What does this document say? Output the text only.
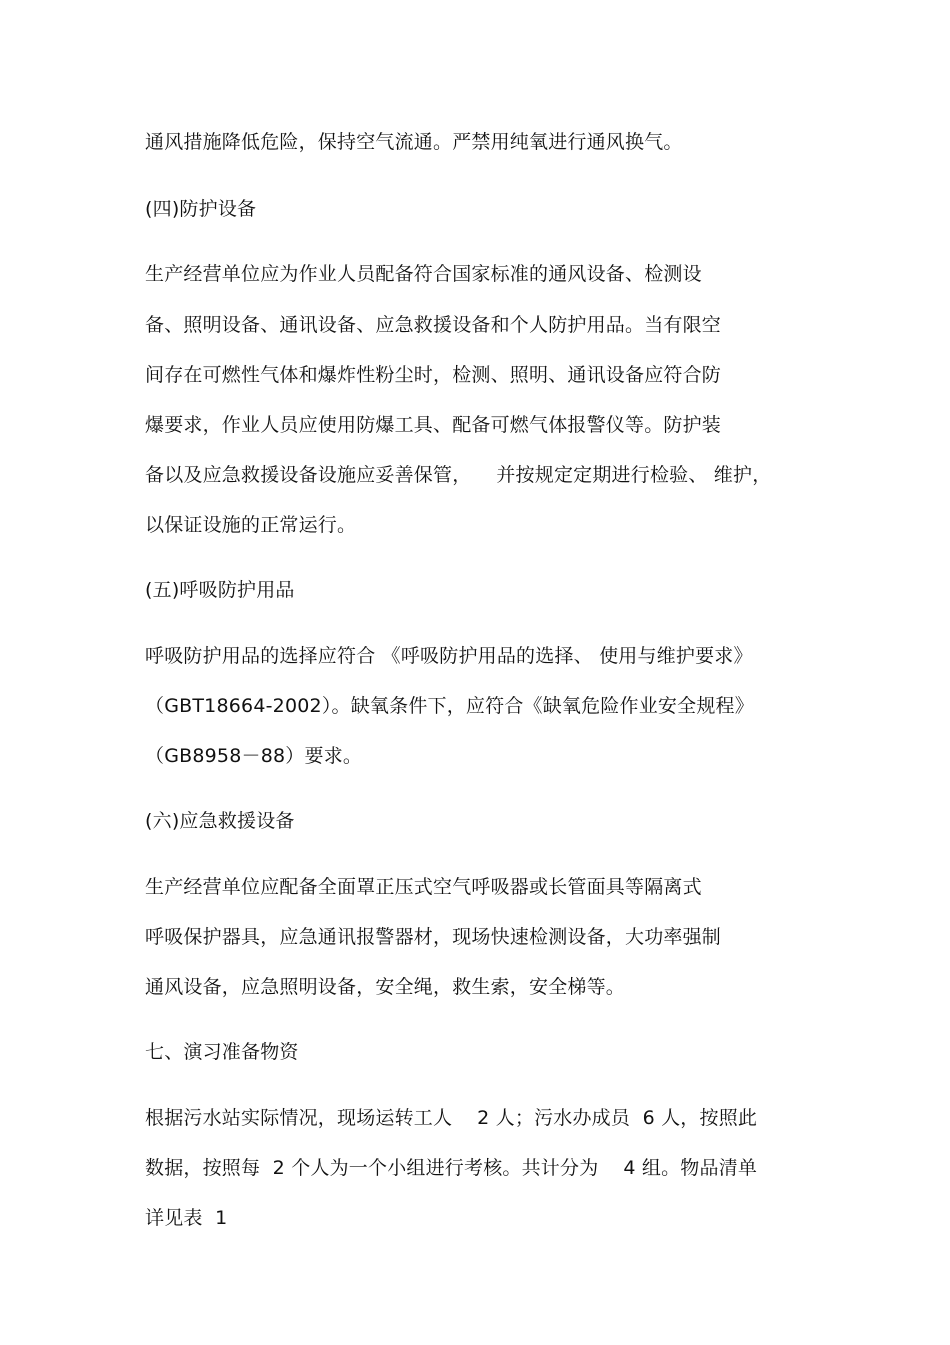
通风措施降低危险，保持空气流通。严禁用纯氧进行通风换气。
(四)防护设备
生产经营单位应为作业人员配备符合国家标准的通风设备、检测设
备、照明设备、通讯设备、应急救援设备和个人防护用品。当有限空
间存在可燃性气体和爆炸性粉尘时，检测、照明、通讯设备应符合防
爆要求，作业人员应使用防爆工具、配备可燃气体报警仪等。防护装
备以及应急救援设备设施应妥善保管，    并按规定定期进行检验、 维护，
以保证设施的正常运行。
(五)呼吸防护用品
呼吸防护用品的选择应符合 《呼吸防护用品的选择、 使用与维护要求》
（GBT18664-2002）。缺氧条件下，应符合《缺氧危险作业安全规程》
（GB8958－88）要求。
(六)应急救援设备
生产经营单位应配备全面罩正压式空气呼吸器或长管面具等隔离式
呼吸保护器具，应急通讯报警器材，现场快速检测设备，大功率强制
通风设备，应急照明设备，安全绳，救生索，安全梯等。
七、演习准备物资
根据污水站实际情况，现场运转工人    2 人；污水办成员  6 人，按照此
数据，按照每  2 个人为一个小组进行考核。共计分为    4 组。物品清单
详见表  1
